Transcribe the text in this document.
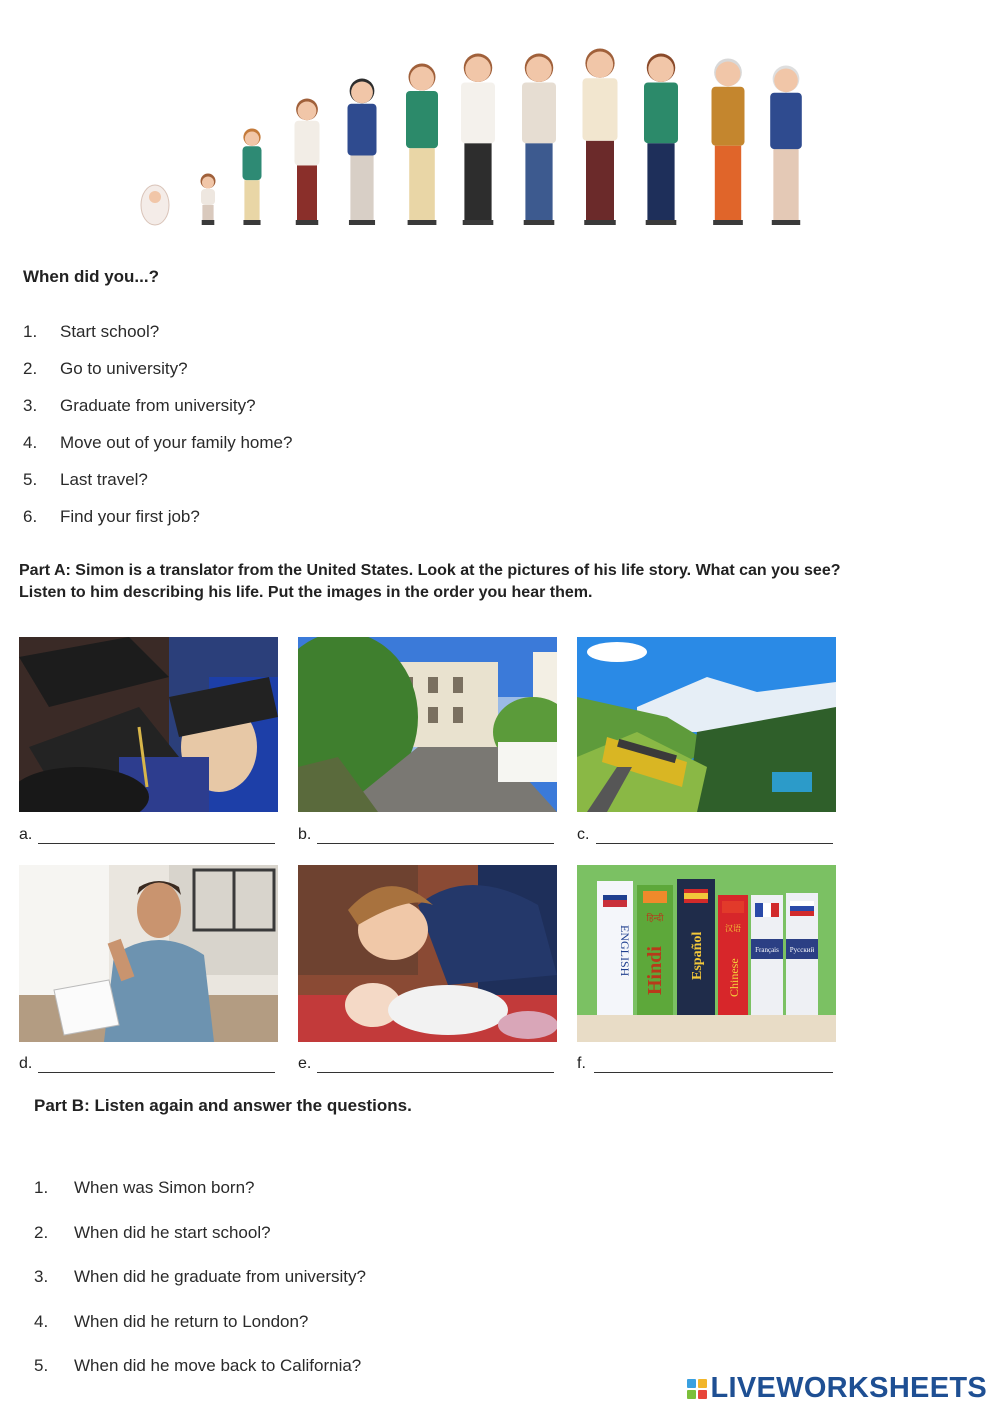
When did you...?
1. Start school?
2. Go to university?
3. Graduate from university?
4. Move out of your family home?
5. Last travel?
6. Find your first job?
Part A: Simon is a translator from the United States. Look at the pictures of his life story. What can you see? Listen to him describing his life. Put the images in the order you hear them.
ENGLISH
हिन्दी
Hindi Español
汉语
Chinese
Français Русский
a.	b.	c.
d.	e.	f.
Part B: Listen again and answer the questions.
1. When was Simon born?
2. When did he start school?
3. When did he graduate from university?
4. When did he return to London?
5. When did he move back to California?
LIVEWORKSHEETS
